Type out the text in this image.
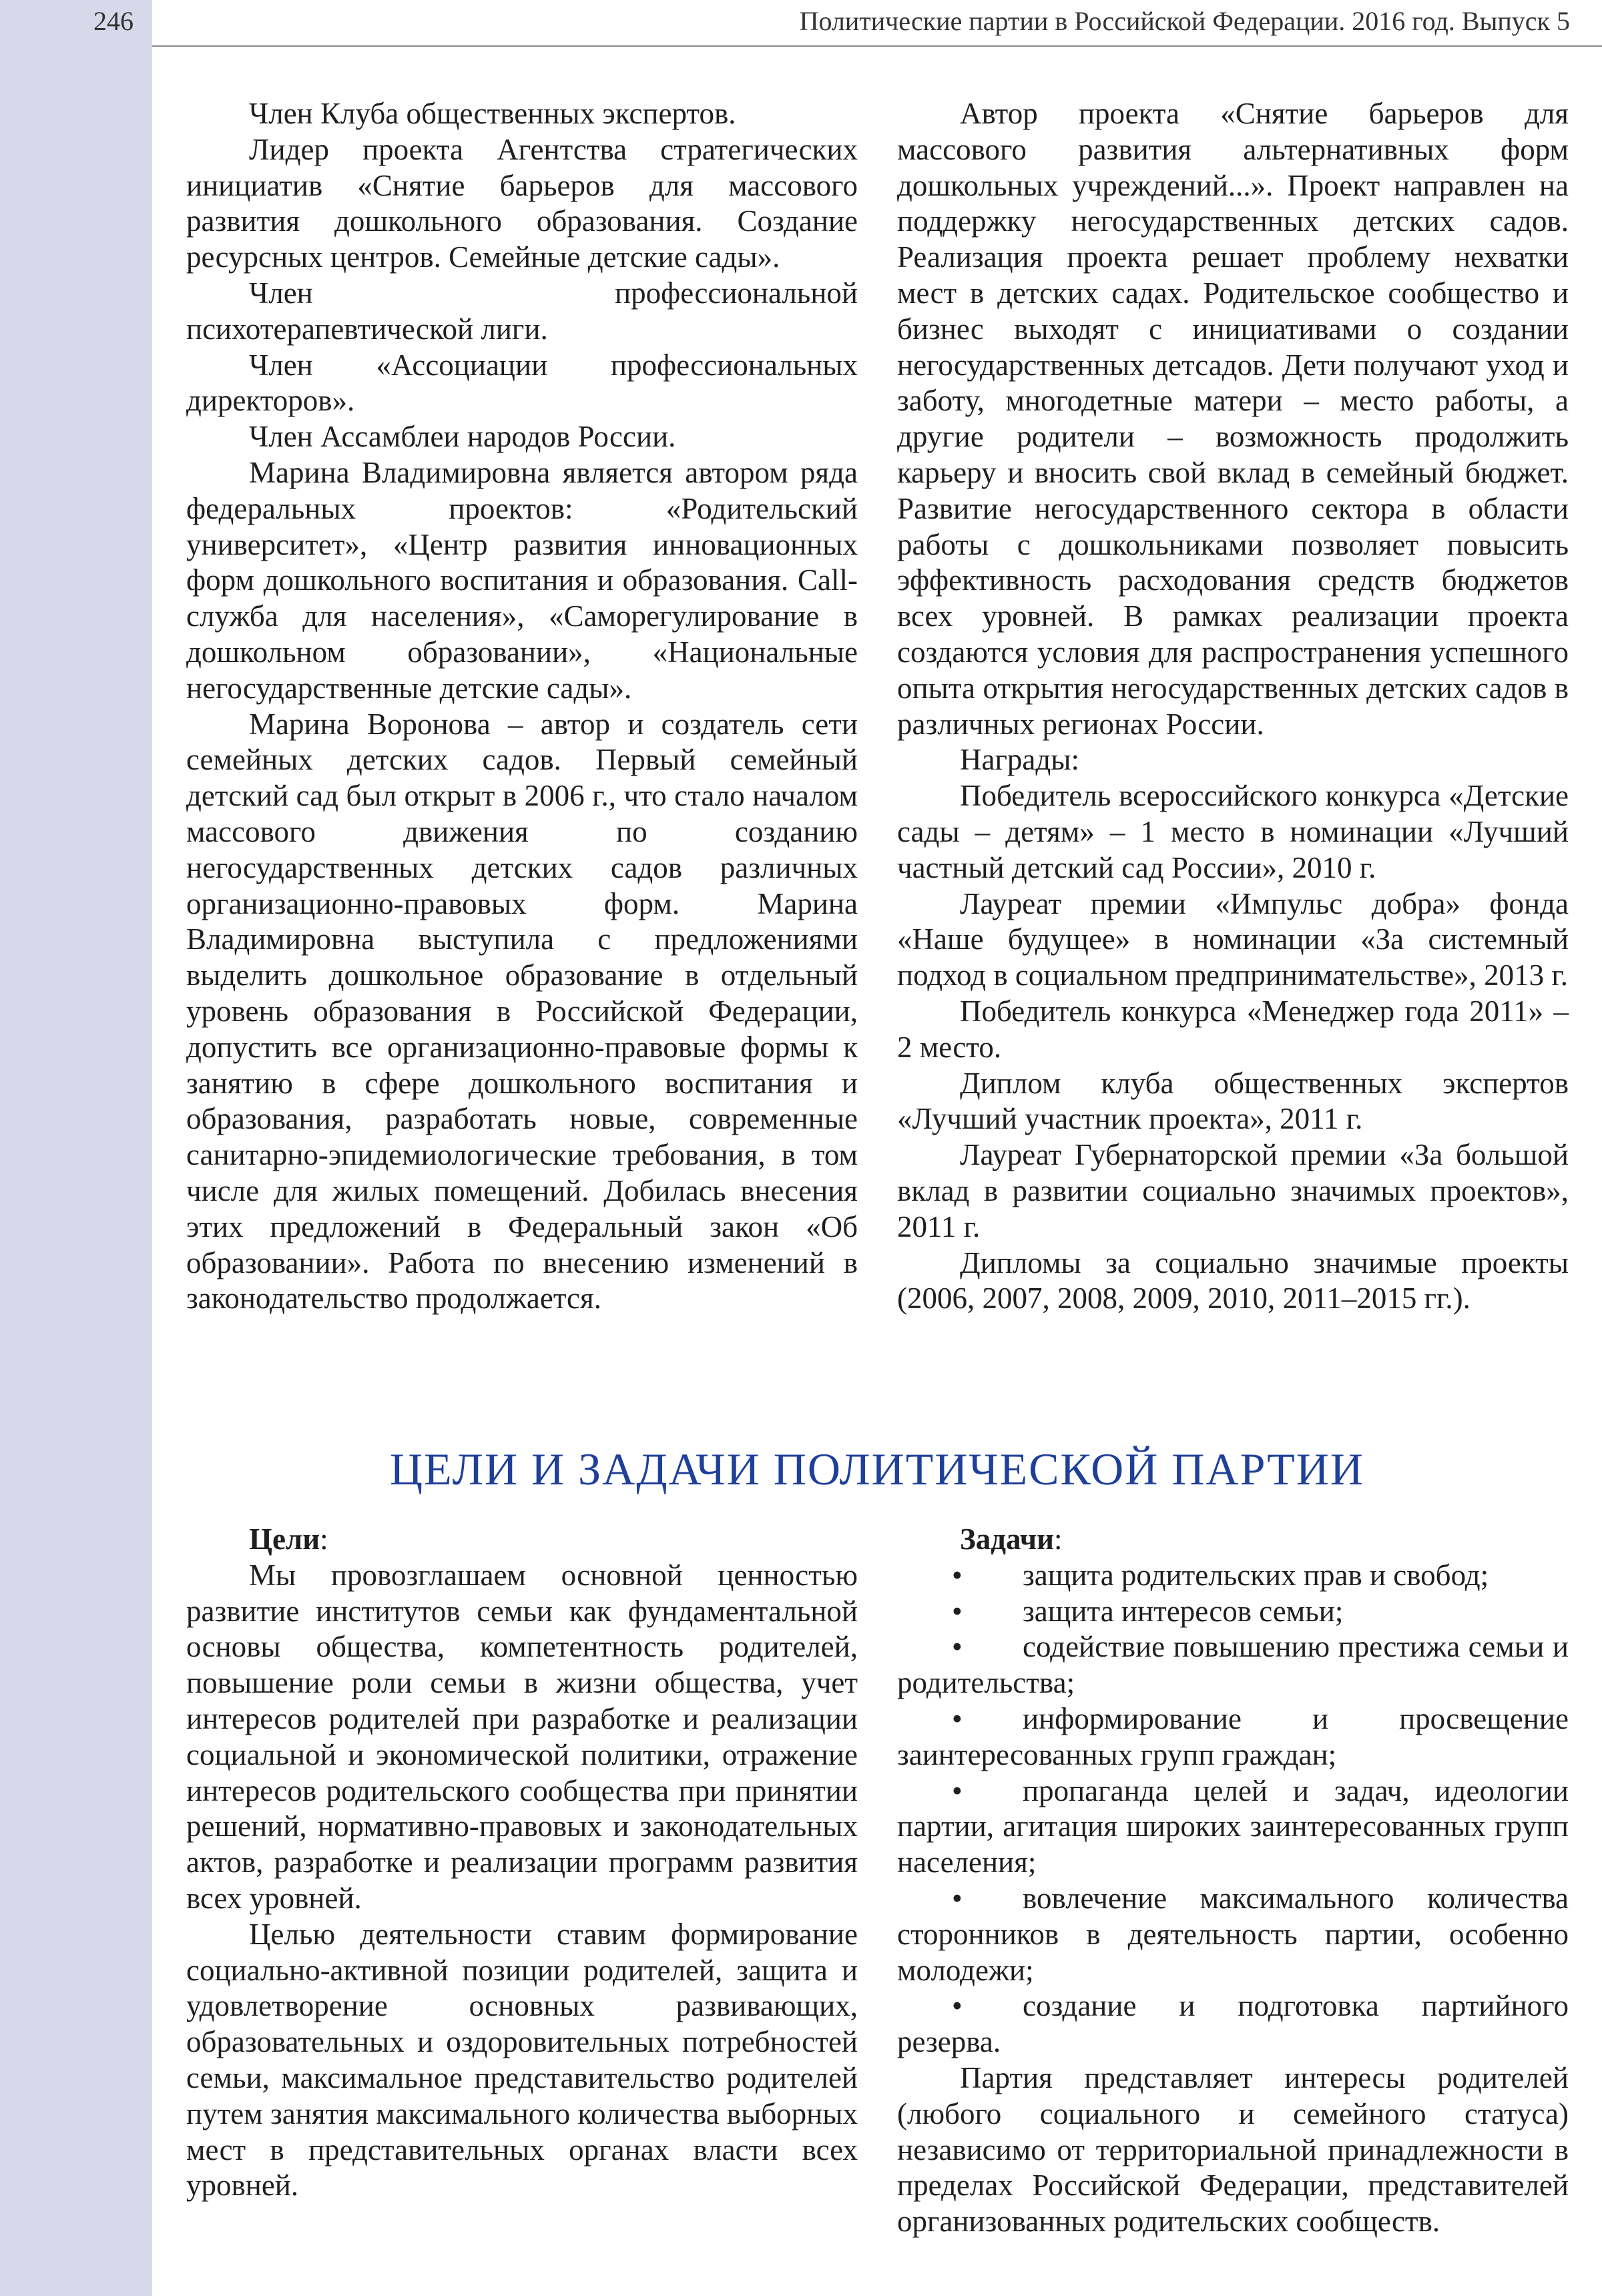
246	Политические партии в Российской Федерации. 2016 год. Выпуск 5

Член Клуба общественных экспертов.

Лидер проекта Агентства стратегических инициатив «Снятие барьеров для массового развития дошкольного образования. Создание ресурсных центров. Семейные детские сады».

Член профессиональной психотерапевтической лиги.

Член «Ассоциации профессиональных директоров».

Член Ассамблеи народов России.

Марина Владимировна является автором ряда федеральных проектов: «Родительский университет», «Центр развития инновационных форм дошкольного воспитания и образования. Call-служба для населения», «Саморегулирование в дошкольном образовании», «Национальные негосударственные детские сады».

Марина Воронова – автор и создатель сети семейных детских садов. Первый семейный детский сад был открыт в 2006 г., что стало началом массового движения по созданию негосударственных детских садов различных организационно-правовых форм. Марина Владимировна выступила с предложениями выделить дошкольное образование в отдельный уровень образования в Российской Федерации, допустить все организационно-правовые формы к занятию в сфере дошкольного воспитания и образования, разработать новые, современные санитарно-эпидемиологические требования, в том числе для жилых помещений. Добилась внесения этих предложений в Федеральный закон «Об образовании». Работа по внесению изменений в законодательство продолжается.

Автор проекта «Снятие барьеров для массового развития альтернативных форм дошкольных учреждений...». Проект направлен на поддержку негосударственных детских садов. Реализация проекта решает проблему нехватки мест в детских садах. Родительское сообщество и бизнес выходят с инициативами о создании негосударственных детсадов. Дети получают уход и заботу, многодетные матери – место работы, а другие родители – возможность продолжить карьеру и вносить свой вклад в семейный бюджет. Развитие негосударственного сектора в области работы с дошкольниками позволяет повысить эффективность расходования средств бюджетов всех уровней. В рамках реализации проекта создаются условия для распространения успешного опыта открытия негосударственных детских садов в различных регионах России.

Награды:

Победитель всероссийского конкурса «Детские сады – детям» – 1 место в номинации «Лучший частный детский сад России», 2010 г.

Лауреат премии «Импульс добра» фонда «Наше будущее» в номинации «За системный подход в социальном предпринимательстве», 2013 г.

Победитель конкурса «Менеджер года 2011» – 2 место.

Диплом клуба общественных экспертов «Лучший участник проекта», 2011 г.

Лауреат Губернаторской премии «За большой вклад в развитии социально значимых проектов», 2011 г.

Дипломы за социально значимые проекты (2006, 2007, 2008, 2009, 2010, 2011–2015 гг.).

ЦЕЛИ И ЗАДАЧИ ПОЛИТИЧЕСКОЙ ПАРТИИ

Цели:

Мы провозглашаем основной ценностью развитие институтов семьи как фундаментальной основы общества, компетентность родителей, повышение роли семьи в жизни общества, учет интересов родителей при разработке и реализации социальной и экономической политики, отражение интересов родительского сообщества при принятии решений, нормативно-правовых и законодательных актов, разработке и реализации программ развития всех уровней.

Целью деятельности ставим формирование социально-активной позиции родителей, защита и удовлетворение основных развивающих, образовательных и оздоровительных потребностей семьи, максимальное представительство родителей путем занятия максимального количества выборных мест в представительных органах власти всех уровней.

Задачи:

• защита родительских прав и свобод;

• защита интересов семьи;

• содействие повышению престижа семьи и родительства;

• информирование и просвещение заинтересованных групп граждан;

• пропаганда целей и задач, идеологии партии, агитация широких заинтересованных групп населения;

• вовлечение максимального количества сторонников в деятельность партии, особенно молодежи;

• создание и подготовка партийного резерва.

Партия представляет интересы родителей (любого социального и семейного статуса) независимо от территориальной принадлежности в пределах Российской Федерации, представителей организованных родительских сообществ.
